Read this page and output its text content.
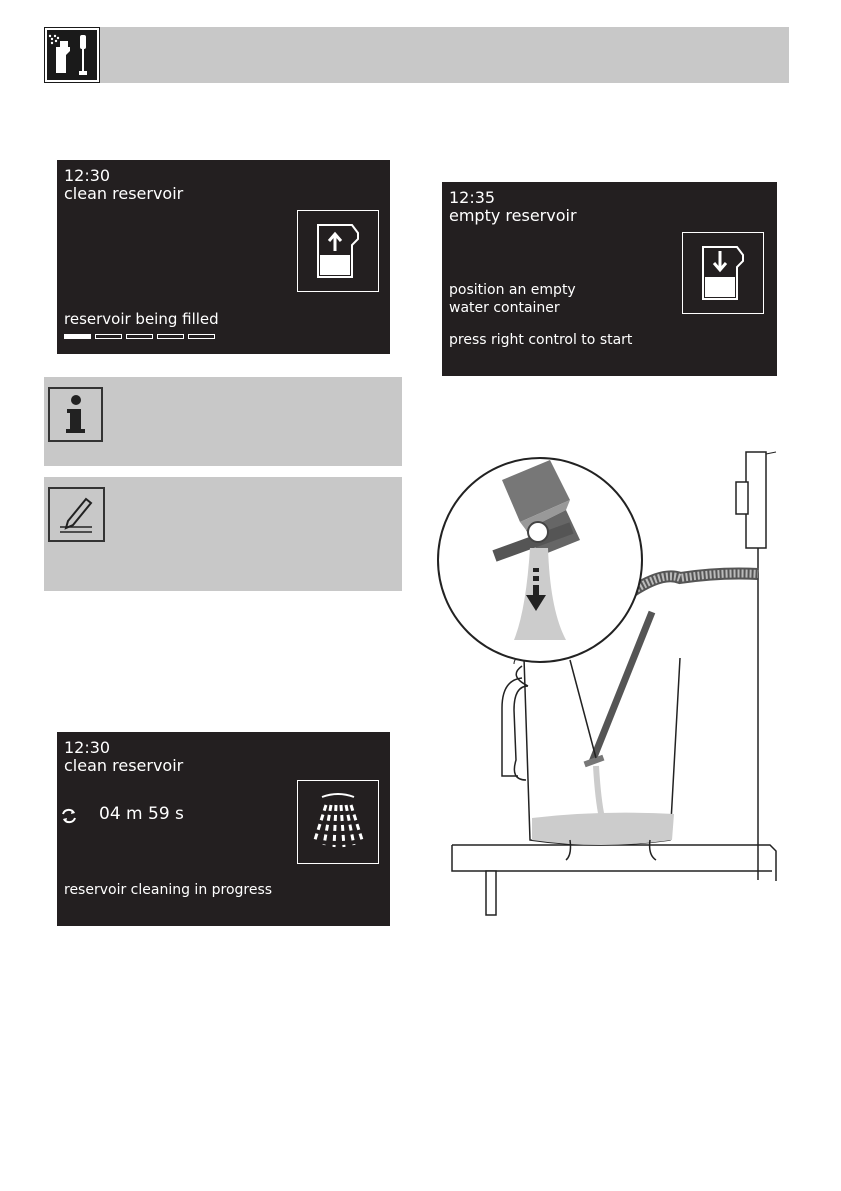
12:30
clean reservoir
reservoir being filled
12:35
empty reservoir
position an empty
water container
press right control to start
12:30
clean reservoir
04 m 59 s
reservoir cleaning in progress
